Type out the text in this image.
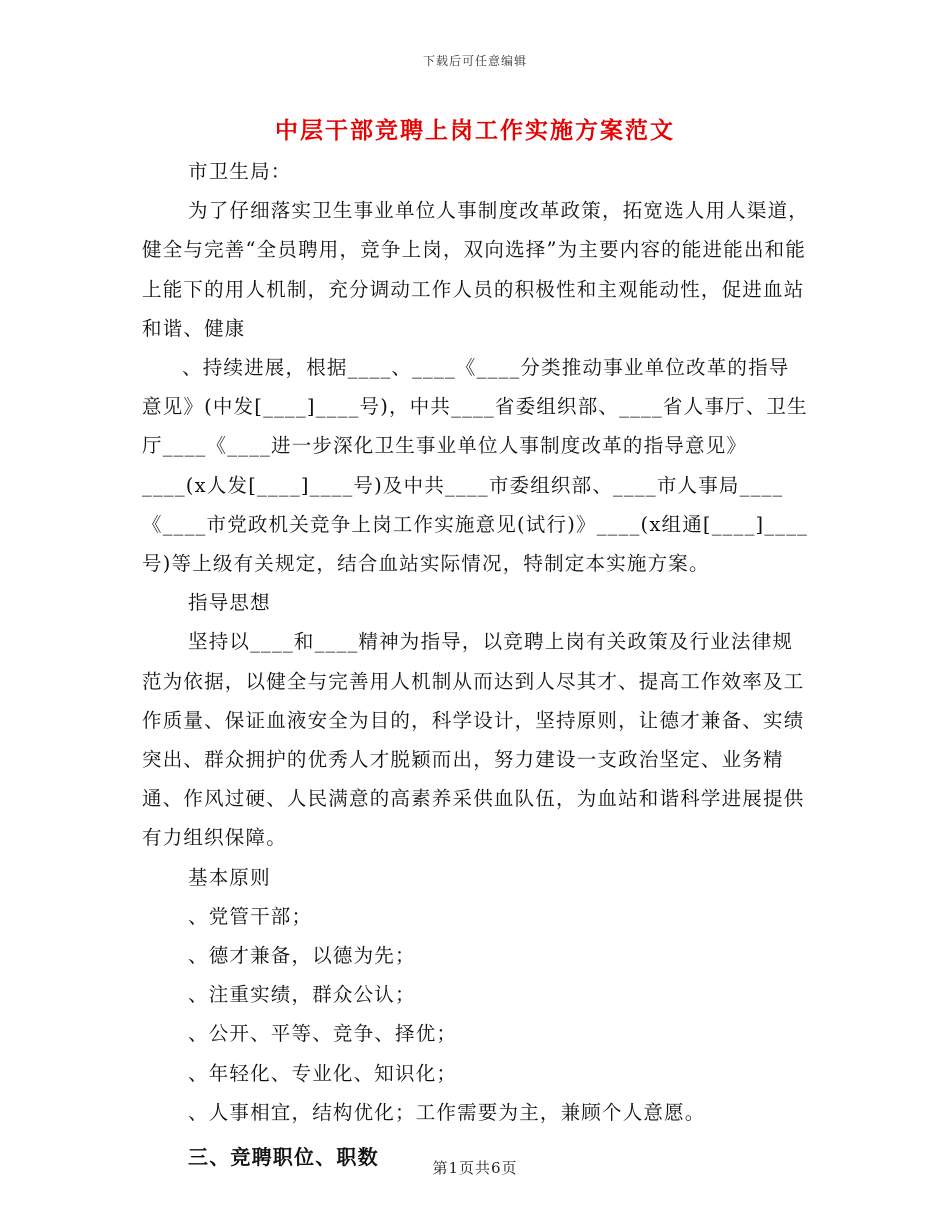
下载后可任意编辑
中层干部竞聘上岗工作实施方案范文

市卫生局：

为了仔细落实卫生事业单位人事制度改革政策，拓宽选人用人渠道，健全与完善“全员聘用，竞争上岗，双向选择”为主要内容的能进能出和能上能下的用人机制，充分调动工作人员的积极性和主观能动性，促进血站和谐、健康

、持续进展，根据____、____《____分类推动事业单位改革的指导意见》(中发[____]____号)，中共____省委组织部、____省人事厅、卫生厅____《____进一步深化卫生事业单位人事制度改革的指导意见》____(x人发[____]____号)及中共____市委组织部、____市人事局____《____市党政机关竞争上岗工作实施意见(试行)》____(x组通[____]____号)等上级有关规定，结合血站实际情况，特制定本实施方案。

指导思想

坚持以____和____精神为指导，以竞聘上岗有关政策及行业法律规范为依据，以健全与完善用人机制从而达到人尽其才、提高工作效率及工作质量、保证血液安全为目的，科学设计，坚持原则，让德才兼备、实绩突出、群众拥护的优秀人才脱颖而出，努力建设一支政治坚定、业务精通、作风过硬、人民满意的高素养采供血队伍，为血站和谐科学进展提供有力组织保障。

基本原则

、党管干部；

、德才兼备，以德为先；

、注重实绩，群众公认；

、公开、平等、竞争、择优；

、年轻化、专业化、知识化；

、人事相宜，结构优化；工作需要为主，兼顾个人意愿。

三、竞聘职位、职数	第1页共6页
